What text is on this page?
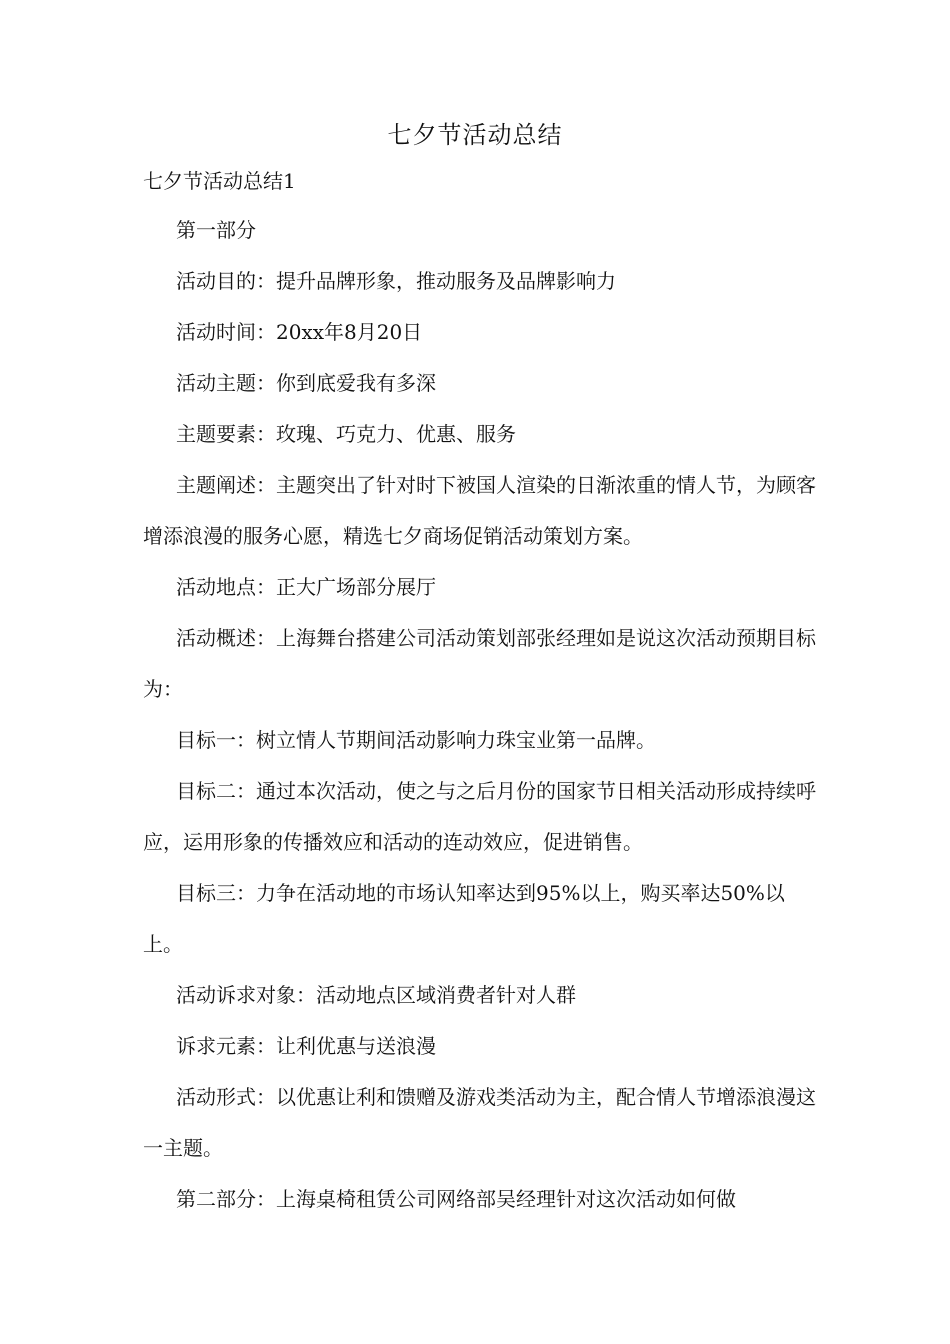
七夕节活动总结
七夕节活动总结1

第一部分

活动目的：提升品牌形象，推动服务及品牌影响力

活动时间：20xx年8月20日

活动主题：你到底爱我有多深

主题要素：玫瑰、巧克力、优惠、服务

主题阐述：主题突出了针对时下被国人渲染的日渐浓重的情人节，为顾客增添浪漫的服务心愿，精选七夕商场促销活动策划方案。

活动地点：正大广场部分展厅

活动概述：上海舞台搭建公司活动策划部张经理如是说这次活动预期目标为：

目标一：树立情人节期间活动影响力珠宝业第一品牌。

目标二：通过本次活动，使之与之后月份的国家节日相关活动形成持续呼应，运用形象的传播效应和活动的连动效应，促进销售。

目标三：力争在活动地的市场认知率达到95%以上，购买率达50%以上。

活动诉求对象：活动地点区域消费者针对人群

诉求元素：让利优惠与送浪漫

活动形式：以优惠让利和馈赠及游戏类活动为主，配合情人节增添浪漫这一主题。

第二部分：上海桌椅租赁公司网络部吴经理针对这次活动如何做
